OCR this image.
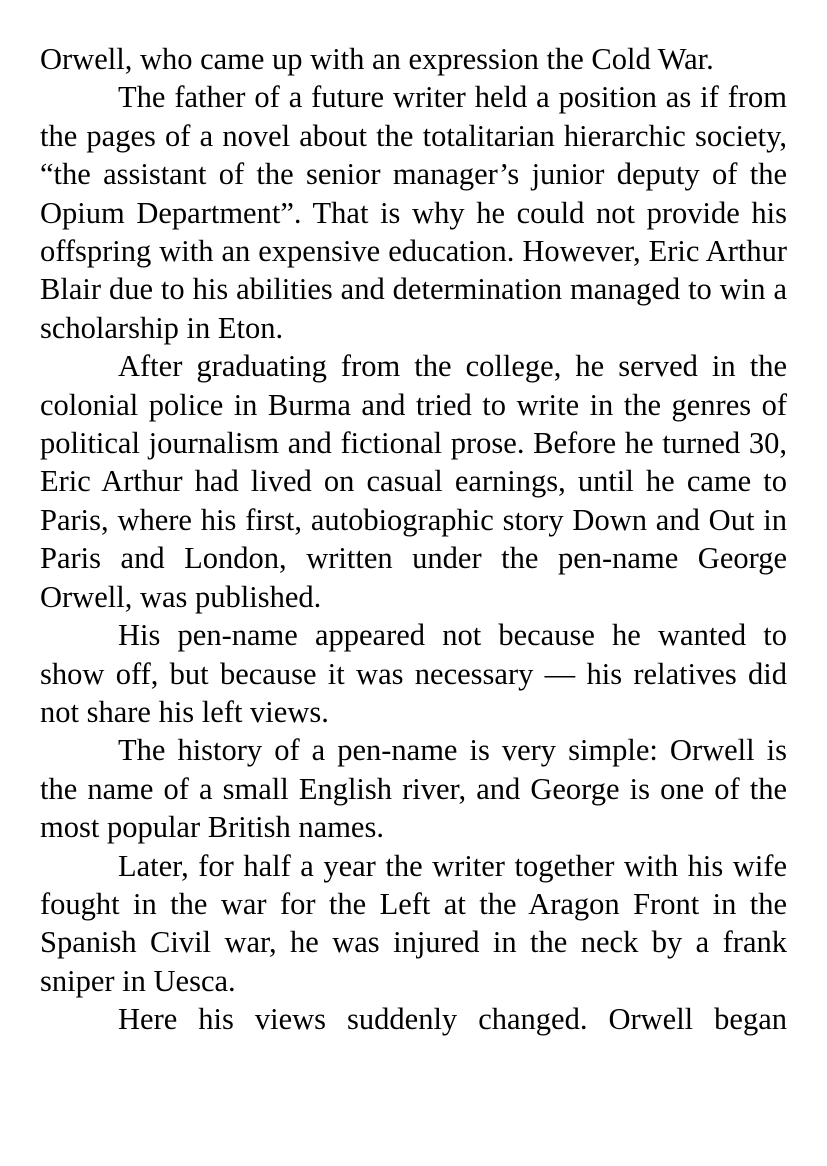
Orwell, who came up with an expression the Cold War.

The father of a future writer held a position as if from the pages of a novel about the totalitarian hierarchic society, “the assistant of the senior manager’s junior deputy of the Opium Department”. That is why he could not provide his offspring with an expensive education. However, Eric Arthur Blair due to his abilities and determination managed to win a scholarship in Eton.

After graduating from the college, he served in the colonial police in Burma and tried to write in the genres of political journalism and fictional prose. Before he turned 30, Eric Arthur had lived on casual earnings, until he came to Paris, where his first, autobiographic story Down and Out in Paris and London, written under the pen-name George Orwell, was published.

His pen-name appeared not because he wanted to show off, but because it was necessary — his relatives did not share his left views.

The history of a pen-name is very simple: Orwell is the name of a small English river, and George is one of the most popular British names.

Later, for half a year the writer together with his wife fought in the war for the Left at the Aragon Front in the Spanish Civil war, he was injured in the neck by a frank sniper in Uesca.

Here his views suddenly changed. Orwell began
